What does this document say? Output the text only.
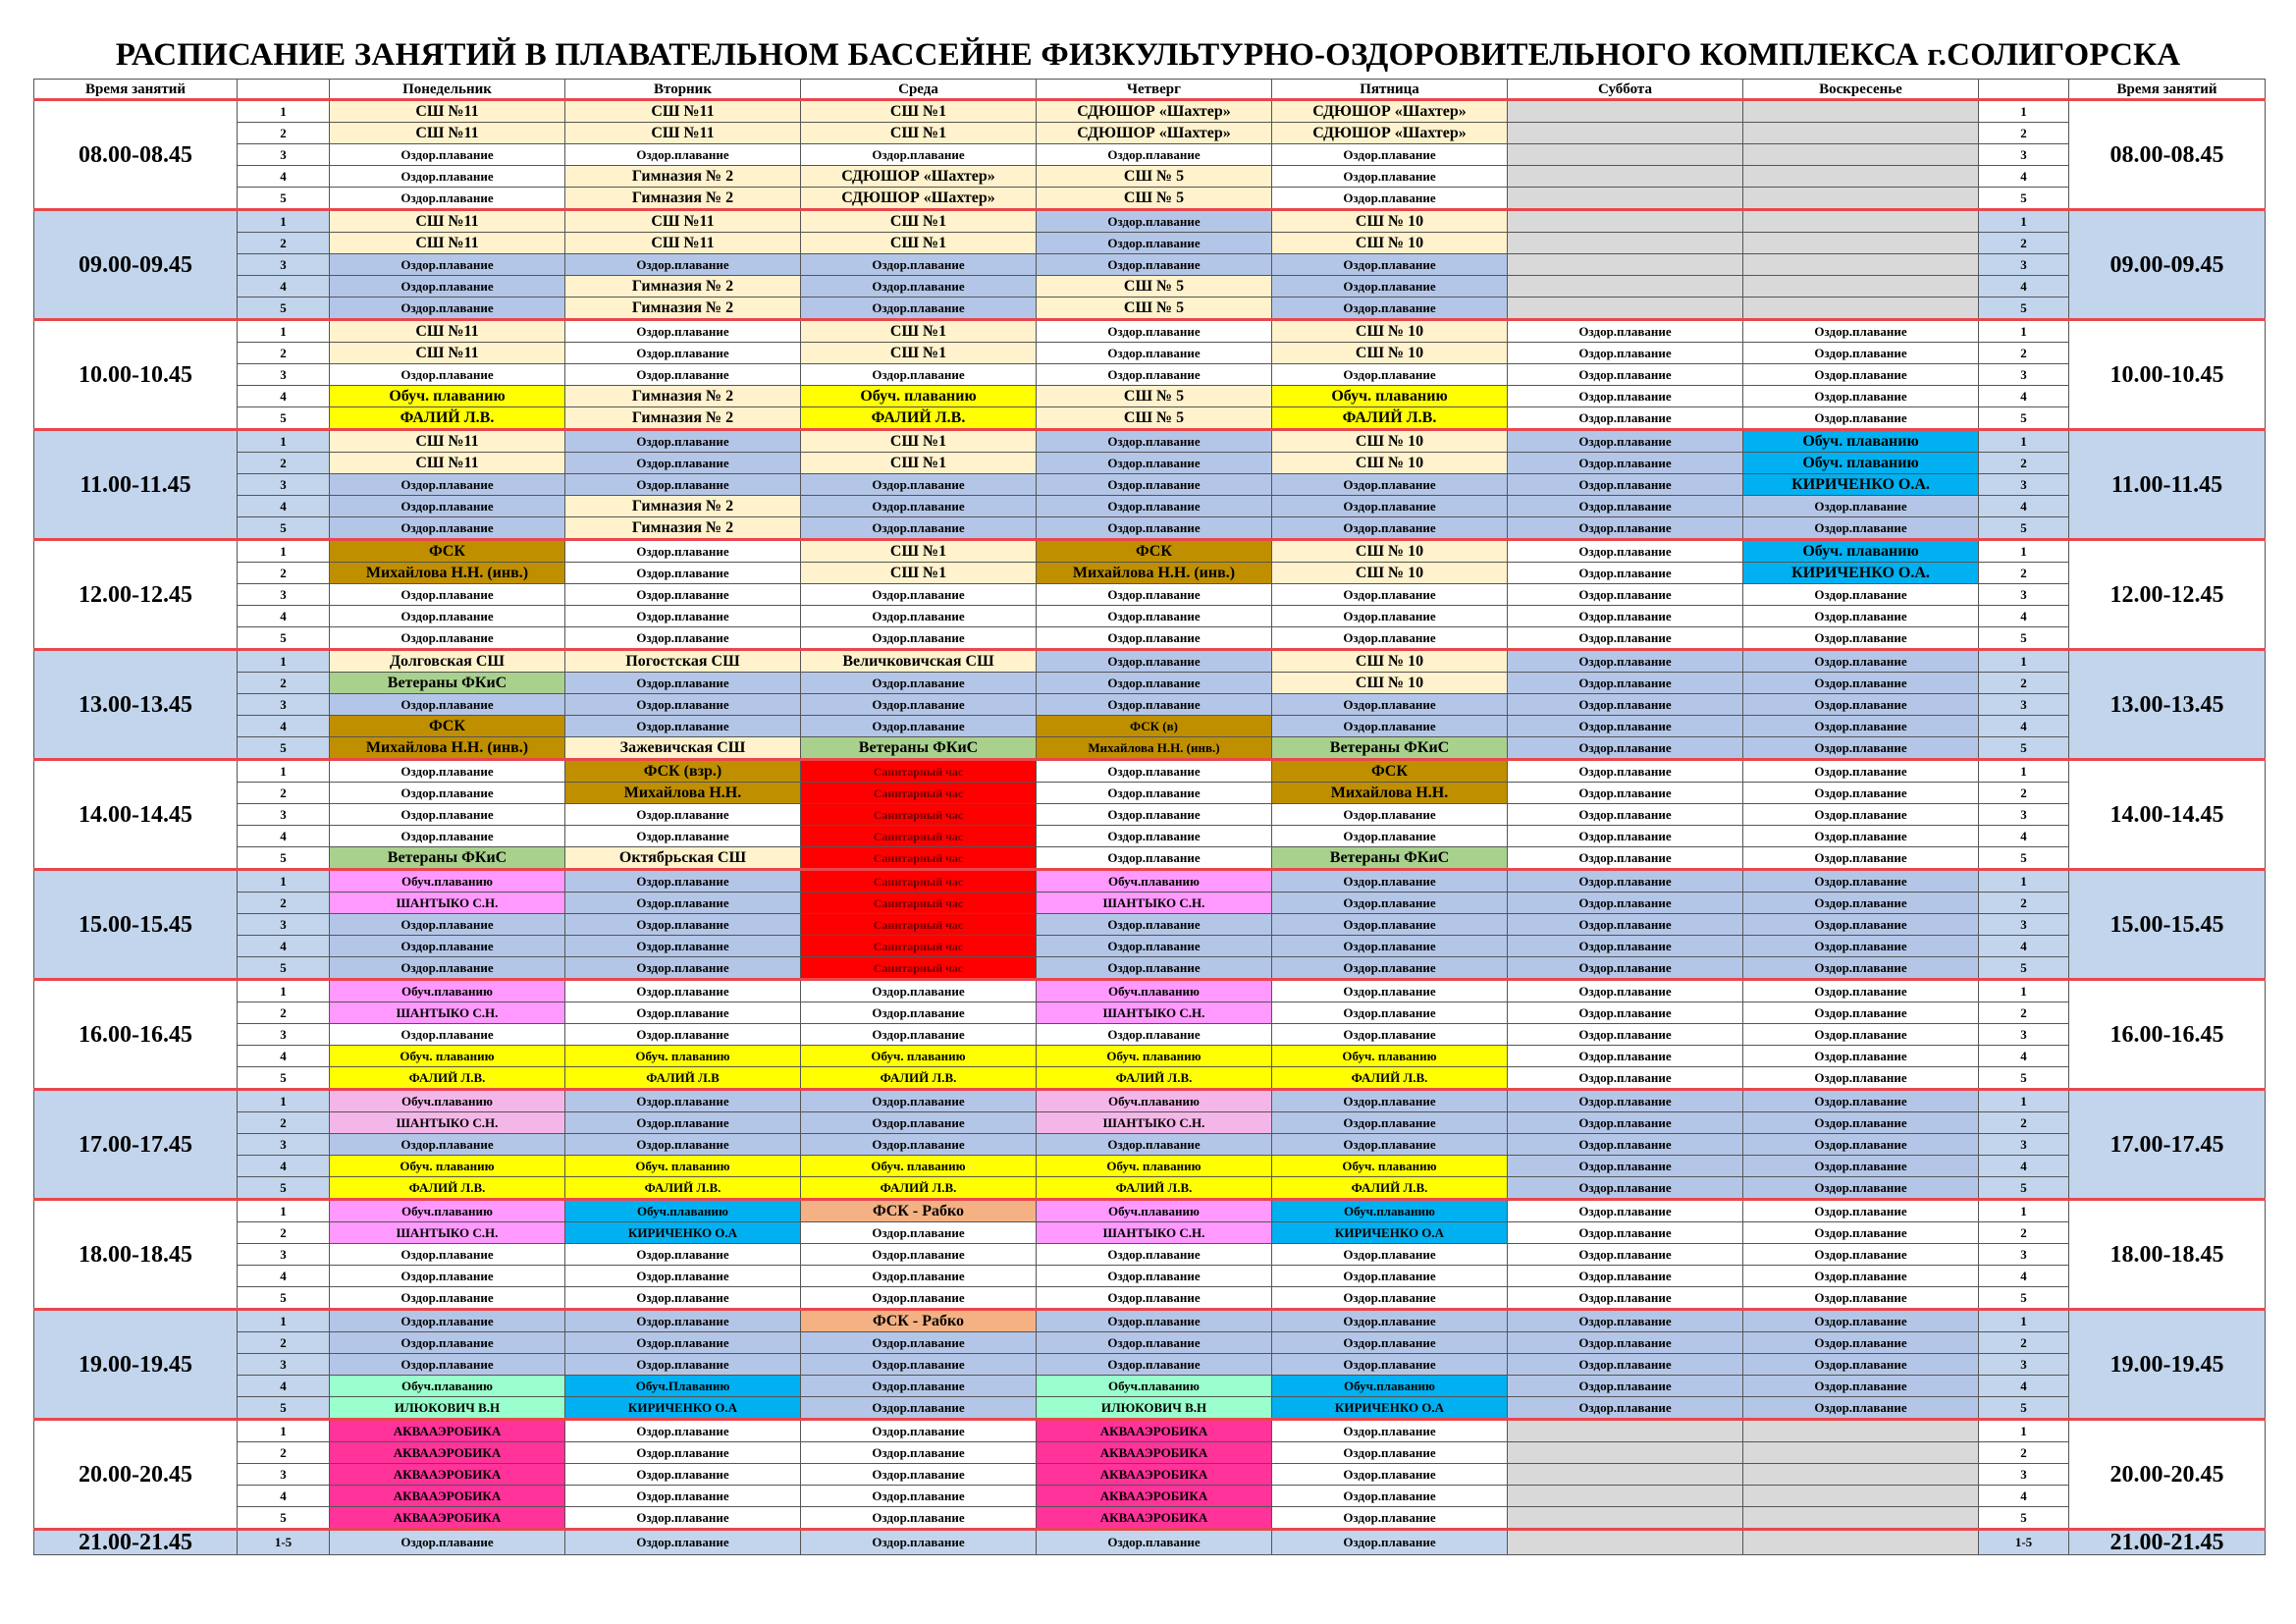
РАСПИСАНИЕ ЗАНЯТИЙ В ПЛАВАТЕЛЬНОМ БАССЕЙНЕ ФИЗКУЛЬТУРНО-ОЗДОРОВИТЕЛЬНОГО КОМПЛЕКСА г.СОЛИГОРСКА
Время занятий		Понедельник	Вторник	Среда	Четверг	Пятница	Суббота	Воскресенье		Время занятий
08.00-08.45	1	СШ №11	СШ №11	СШ №1	СДЮШОР «Шахтер»	СДЮШОР «Шахтер»			1	08.00-08.45
	2	СШ №11	СШ №11	СШ №1	СДЮШОР «Шахтер»	СДЮШОР «Шахтер»			2	
	3	Оздор.плавание	Оздор.плавание	Оздор.плавание	Оздор.плавание	Оздор.плавание			3	
	4	Оздор.плавание	Гимназия № 2	СДЮШОР «Шахтер»	СШ № 5	Оздор.плавание			4	
	5	Оздор.плавание	Гимназия № 2	СДЮШОР «Шахтер»	СШ № 5	Оздор.плавание			5	
09.00-09.45	1	СШ №11	СШ №11	СШ №1	Оздор.плавание	СШ № 10			1	09.00-09.45
	2	СШ №11	СШ №11	СШ №1	Оздор.плавание	СШ № 10			2	
	3	Оздор.плавание	Оздор.плавание	Оздор.плавание	Оздор.плавание	Оздор.плавание			3	
	4	Оздор.плавание	Гимназия № 2	Оздор.плавание	СШ № 5	Оздор.плавание			4	
	5	Оздор.плавание	Гимназия № 2	Оздор.плавание	СШ № 5	Оздор.плавание			5	
10.00-10.45	1	СШ №11	Оздор.плавание	СШ №1	Оздор.плавание	СШ № 10	Оздор.плавание	Оздор.плавание	1	10.00-10.45
	2	СШ №11	Оздор.плавание	СШ №1	Оздор.плавание	СШ № 10	Оздор.плавание	Оздор.плавание	2	
	3	Оздор.плавание	Оздор.плавание	Оздор.плавание	Оздор.плавание	Оздор.плавание	Оздор.плавание	Оздор.плавание	3	
	4	Обуч. плаванию	Гимназия № 2	Обуч. плаванию	СШ № 5	Обуч. плаванию	Оздор.плавание	Оздор.плавание	4	
	5	ФАЛИЙ Л.В.	Гимназия № 2	ФАЛИЙ Л.В.	СШ № 5	ФАЛИЙ Л.В.	Оздор.плавание	Оздор.плавание	5	
11.00-11.45	1	СШ №11	Оздор.плавание	СШ №1	Оздор.плавание	СШ № 10	Оздор.плавание	Обуч. плаванию	1	11.00-11.45
	2	СШ №11	Оздор.плавание	СШ №1	Оздор.плавание	СШ № 10	Оздор.плавание	Обуч. плаванию	2	
	3	Оздор.плавание	Оздор.плавание	Оздор.плавание	Оздор.плавание	Оздор.плавание	Оздор.плавание	КИРИЧЕНКО О.А.	3	
	4	Оздор.плавание	Гимназия № 2	Оздор.плавание	Оздор.плавание	Оздор.плавание	Оздор.плавание	Оздор.плавание	4	
	5	Оздор.плавание	Гимназия № 2	Оздор.плавание	Оздор.плавание	Оздор.плавание	Оздор.плавание	Оздор.плавание	5	
12.00-12.45	1	ФСК	Оздор.плавание	СШ №1	ФСК	СШ № 10	Оздор.плавание	Обуч. плаванию	1	12.00-12.45
	2	Михайлова Н.Н. (инв.)	Оздор.плавание	СШ №1	Михайлова Н.Н. (инв.)	СШ № 10	Оздор.плавание	КИРИЧЕНКО О.А.	2	
	3	Оздор.плавание	Оздор.плавание	Оздор.плавание	Оздор.плавание	Оздор.плавание	Оздор.плавание	Оздор.плавание	3	
	4	Оздор.плавание	Оздор.плавание	Оздор.плавание	Оздор.плавание	Оздор.плавание	Оздор.плавание	Оздор.плавание	4	
	5	Оздор.плавание	Оздор.плавание	Оздор.плавание	Оздор.плавание	Оздор.плавание	Оздор.плавание	Оздор.плавание	5	
13.00-13.45	1	Долговская СШ	Погостская СШ	Величковичская СШ	Оздор.плавание	СШ № 10	Оздор.плавание	Оздор.плавание	1	13.00-13.45
	2	Ветераны ФКиС	Оздор.плавание	Оздор.плавание	Оздор.плавание	СШ № 10	Оздор.плавание	Оздор.плавание	2	
	3	Оздор.плавание	Оздор.плавание	Оздор.плавание	Оздор.плавание	Оздор.плавание	Оздор.плавание	Оздор.плавание	3	
	4	ФСК	Оздор.плавание	Оздор.плавание	ФСК (в)	Оздор.плавание	Оздор.плавание	Оздор.плавание	4	
	5	Михайлова Н.Н. (инв.)	Зажевичская СШ	Ветераны ФКиС	Михайлова Н.Н. (инв.)	Ветераны ФКиС	Оздор.плавание	Оздор.плавание	5	
14.00-14.45	1	Оздор.плавание	ФСК (взр.)	Санитарный час	Оздор.плавание	ФСК	Оздор.плавание	Оздор.плавание	1	14.00-14.45
	2	Оздор.плавание	Михайлова Н.Н.	Санитарный час	Оздор.плавание	Михайлова Н.Н.	Оздор.плавание	Оздор.плавание	2	
	3	Оздор.плавание	Оздор.плавание	Санитарный час	Оздор.плавание	Оздор.плавание	Оздор.плавание	Оздор.плавание	3	
	4	Оздор.плавание	Оздор.плавание	Санитарный час	Оздор.плавание	Оздор.плавание	Оздор.плавание	Оздор.плавание	4	
	5	Ветераны ФКиС	Октябрьская СШ	Санитарный час	Оздор.плавание	Ветераны ФКиС	Оздор.плавание	Оздор.плавание	5	
15.00-15.45	1	Обуч.плаванию	Оздор.плавание	Санитарный час	Обуч.плаванию	Оздор.плавание	Оздор.плавание	Оздор.плавание	1	15.00-15.45
	2	ШАНТЫКО С.Н.	Оздор.плавание	Санитарный час	ШАНТЫКО С.Н.	Оздор.плавание	Оздор.плавание	Оздор.плавание	2	
	3	Оздор.плавание	Оздор.плавание	Санитарный час	Оздор.плавание	Оздор.плавание	Оздор.плавание	Оздор.плавание	3	
	4	Оздор.плавание	Оздор.плавание	Санитарный час	Оздор.плавание	Оздор.плавание	Оздор.плавание	Оздор.плавание	4	
	5	Оздор.плавание	Оздор.плавание	Санитарный час	Оздор.плавание	Оздор.плавание	Оздор.плавание	Оздор.плавание	5	
16.00-16.45	1	Обуч.плаванию	Оздор.плавание	Оздор.плавание	Обуч.плаванию	Оздор.плавание	Оздор.плавание	Оздор.плавание	1	16.00-16.45
	2	ШАНТЫКО С.Н.	Оздор.плавание	Оздор.плавание	ШАНТЫКО С.Н.	Оздор.плавание	Оздор.плавание	Оздор.плавание	2	
	3	Оздор.плавание	Оздор.плавание	Оздор.плавание	Оздор.плавание	Оздор.плавание	Оздор.плавание	Оздор.плавание	3	
	4	Обуч. плаванию	Обуч. плаванию	Обуч. плаванию	Обуч. плаванию	Обуч. плаванию	Оздор.плавание	Оздор.плавание	4	
	5	ФАЛИЙ Л.В.	ФАЛИЙ Л.В	ФАЛИЙ Л.В.	ФАЛИЙ Л.В.	ФАЛИЙ Л.В.	Оздор.плавание	Оздор.плавание	5	
17.00-17.45	1	Обуч.плаванию	Оздор.плавание	Оздор.плавание	Обуч.плаванию	Оздор.плавание	Оздор.плавание	Оздор.плавание	1	17.00-17.45
	2	ШАНТЫКО С.Н.	Оздор.плавание	Оздор.плавание	ШАНТЫКО С.Н.	Оздор.плавание	Оздор.плавание	Оздор.плавание	2	
	3	Оздор.плавание	Оздор.плавание	Оздор.плавание	Оздор.плавание	Оздор.плавание	Оздор.плавание	Оздор.плавание	3	
	4	Обуч. плаванию	Обуч. плаванию	Обуч. плаванию	Обуч. плаванию	Обуч. плаванию	Оздор.плавание	Оздор.плавание	4	
	5	ФАЛИЙ Л.В.	ФАЛИЙ Л.В.	ФАЛИЙ Л.В.	ФАЛИЙ Л.В.	ФАЛИЙ Л.В.	Оздор.плавание	Оздор.плавание	5	
18.00-18.45	1	Обуч.плаванию	Обуч.плаванию	ФСК - Рабко	Обуч.плаванию	Обуч.плаванию	Оздор.плавание	Оздор.плавание	1	18.00-18.45
	2	ШАНТЫКО С.Н.	КИРИЧЕНКО О.А	Оздор.плавание	ШАНТЫКО С.Н.	КИРИЧЕНКО О.А	Оздор.плавание	Оздор.плавание	2	
	3	Оздор.плавание	Оздор.плавание	Оздор.плавание	Оздор.плавание	Оздор.плавание	Оздор.плавание	Оздор.плавание	3	
	4	Оздор.плавание	Оздор.плавание	Оздор.плавание	Оздор.плавание	Оздор.плавание	Оздор.плавание	Оздор.плавание	4	
	5	Оздор.плавание	Оздор.плавание	Оздор.плавание	Оздор.плавание	Оздор.плавание	Оздор.плавание	Оздор.плавание	5	
19.00-19.45	1	Оздор.плавание	Оздор.плавание	ФСК - Рабко	Оздор.плавание	Оздор.плавание	Оздор.плавание	Оздор.плавание	1	19.00-19.45
	2	Оздор.плавание	Оздор.плавание	Оздор.плавание	Оздор.плавание	Оздор.плавание	Оздор.плавание	Оздор.плавание	2	
	3	Оздор.плавание	Оздор.плавание	Оздор.плавание	Оздор.плавание	Оздор.плавание	Оздор.плавание	Оздор.плавание	3	
	4	Обуч.плаванию	Обуч.Плаванию	Оздор.плавание	Обуч.плаванию	Обуч.плаванию	Оздор.плавание	Оздор.плавание	4	
	5	ИЛЮКОВИЧ В.Н	КИРИЧЕНКО О.А	Оздор.плавание	ИЛЮКОВИЧ В.Н	КИРИЧЕНКО О.А	Оздор.плавание	Оздор.плавание	5	
20.00-20.45	1	АКВААЭРОБИКА	Оздор.плавание	Оздор.плавание	АКВААЭРОБИКА	Оздор.плавание			1	20.00-20.45
	2	АКВААЭРОБИКА	Оздор.плавание	Оздор.плавание	АКВААЭРОБИКА	Оздор.плавание			2	
	3	АКВААЭРОБИКА	Оздор.плавание	Оздор.плавание	АКВААЭРОБИКА	Оздор.плавание			3	
	4	АКВААЭРОБИКА	Оздор.плавание	Оздор.плавание	АКВААЭРОБИКА	Оздор.плавание			4	
	5	АКВААЭРОБИКА	Оздор.плавание	Оздор.плавание	АКВААЭРОБИКА	Оздор.плавание			5	
21.00-21.45	1-5	Оздор.плавание	Оздор.плавание	Оздор.плавание	Оздор.плавание	Оздор.плавание			1-5	21.00-21.45
